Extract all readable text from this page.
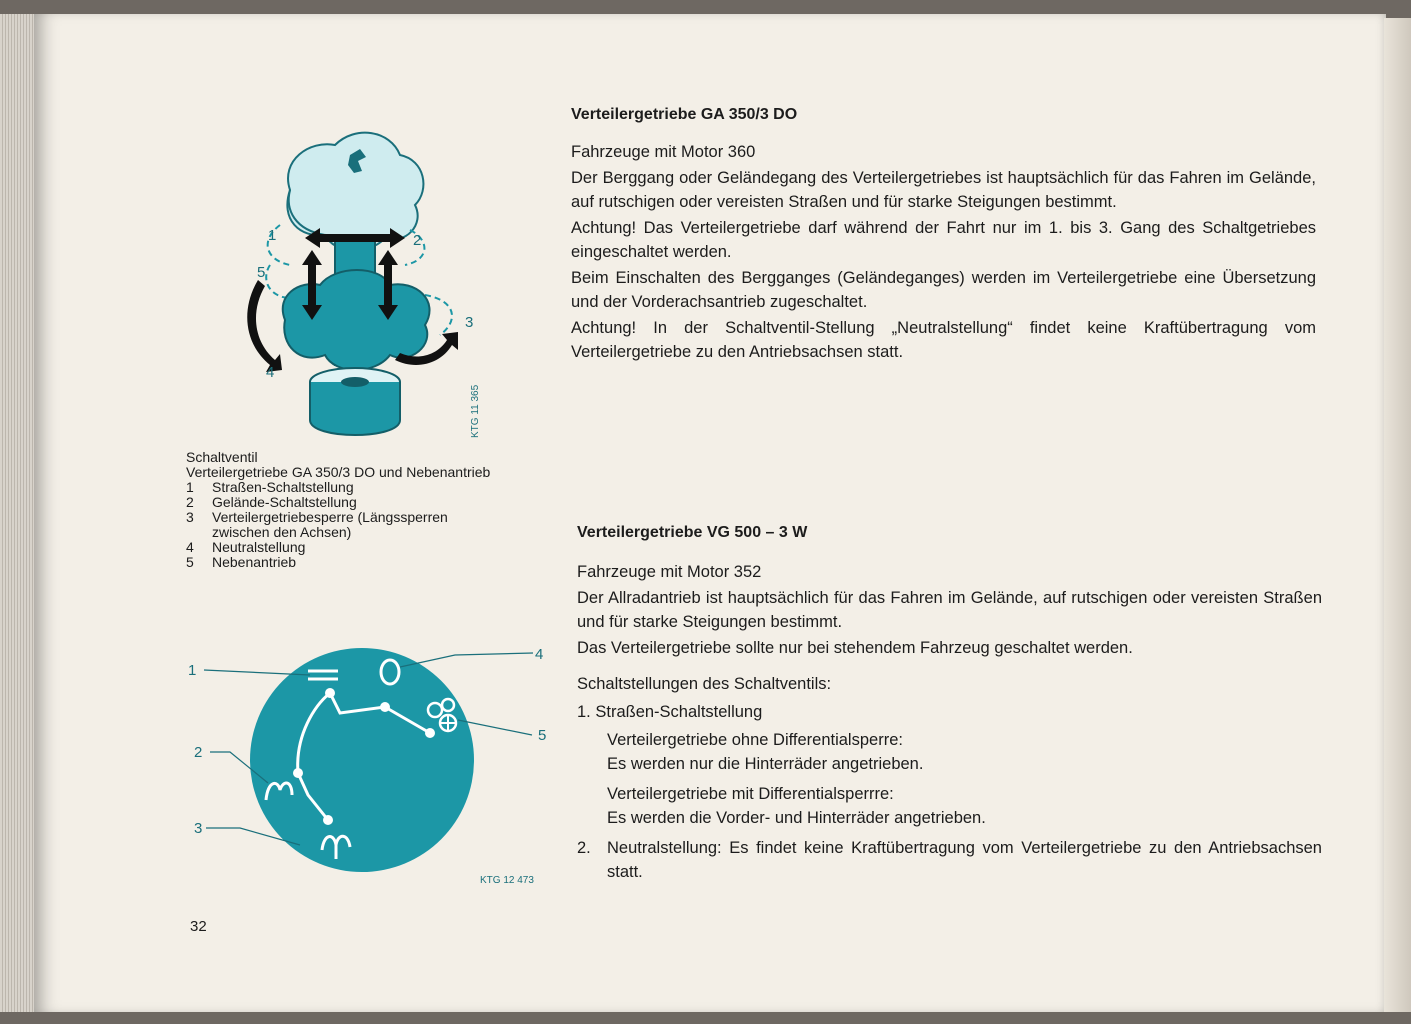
1	2
3
4
5
KTG 11 365
Schaltventil
Verteilergetriebe GA 350/3 DO und Nebenantrieb
1	Straßen-Schaltstellung
2	Gelände-Schaltstellung
3	Verteilergetriebesperre (Längssperren
zwischen den Achsen)
4	Neutralstellung
5	Nebenantrieb
1
2
3
4
5
KTG 12 473
Verteilergetriebe GA 350/3 DO

Fahrzeuge mit Motor 360

Der Berggang oder Geländegang des Verteilergetriebes ist hauptsächlich für das Fahren im Gelände, auf rutschigen oder vereisten Straßen und für starke Steigungen bestimmt.

Achtung! Das Verteilergetriebe darf während der Fahrt nur im 1. bis 3. Gang des Schaltgetriebes eingeschaltet werden.

Beim Einschalten des Bergganges (Geländeganges) werden im Verteilergetriebe eine Übersetzung und der Vorderachsantrieb zugeschaltet.

Achtung! In der Schaltventil-Stellung „Neutralstellung“ findet keine Kraftübertragung vom Verteilergetriebe zu den Antriebsachsen statt.

Verteilergetriebe VG 500 – 3 W

Fahrzeuge mit Motor 352

Der Allradantrieb ist hauptsächlich für das Fahren im Gelände, auf rutschigen oder vereisten Straßen und für starke Steigungen bestimmt.

Das Verteilergetriebe sollte nur bei stehendem Fahrzeug geschaltet werden.

Schaltstellungen des Schaltventils:

1. Straßen-Schaltstellung
Verteilergetriebe ohne Differentialsperre:
Es werden nur die Hinterräder angetrieben.
Verteilergetriebe mit Differentialsperrre:
Es werden die Vorder- und Hinterräder angetrieben.
2. Neutralstellung: Es findet keine Kraftübertragung vom Verteilergetriebe zu den Antriebsachsen statt.
32
